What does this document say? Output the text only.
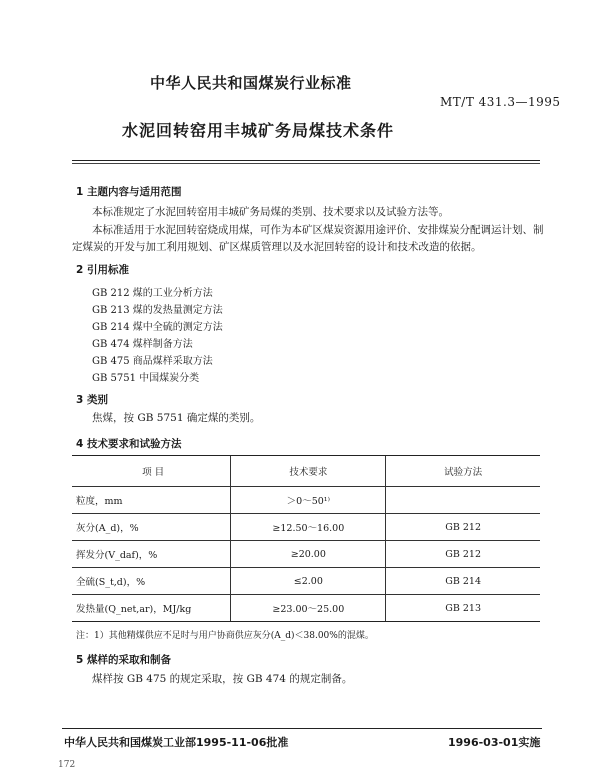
中华人民共和国煤炭行业标准
MT/T 431.3—1995
水泥回转窑用丰城矿务局煤技术条件
1 主题内容与适用范围
本标准规定了水泥回转窑用丰城矿务局煤的类别、技术要求以及试验方法等。
本标准适用于水泥回转窑烧成用煤，可作为本矿区煤炭资源用途评价、安排煤炭分配调运计划、制
定煤炭的开发与加工利用规划、矿区煤质管理以及水泥回转窑的设计和技术改造的依据。
2 引用标准
GB 212 煤的工业分析方法
GB 213 煤的发热量测定方法
GB 214 煤中全硫的测定方法
GB 474 煤样制备方法
GB 475 商品煤样采取方法
GB 5751 中国煤炭分类
3 类别
焦煤，按 GB 5751 确定煤的类别。
4 技术要求和试验方法
项 目	技术要求	试验方法
粒度，mm	＞0～50¹⁾	
灰分(A_d)，%	≥12.50～16.00	GB 212
挥发分(V_daf)，%	≥20.00	GB 212
全硫(S_t,d)，%	≤2.00	GB 214
发热量(Q_net,ar)，MJ/kg	≥23.00～25.00	GB 213
注：1）其他精煤供应不足时与用户协商供应灰分(A_d)＜38.00%的混煤。
5 煤样的采取和制备
煤样按 GB 475 的规定采取，按 GB 474 的规定制备。
中华人民共和国煤炭工业部1995-11-06批准	1996-03-01实施
172
